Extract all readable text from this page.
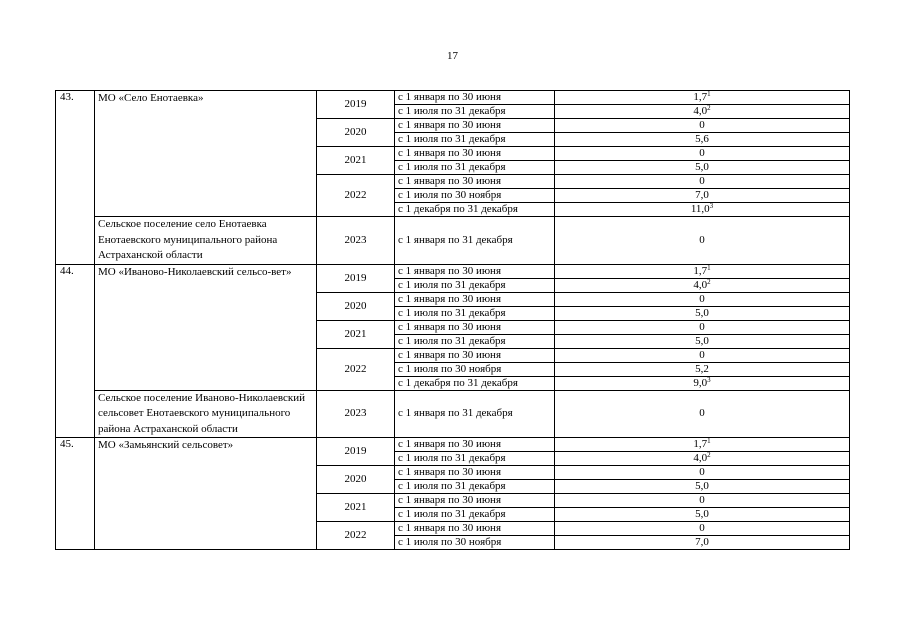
17
43.	МО «Село Енотаевка»	2019	с 1 января по 30 июня	$1,7^1$
			с 1 июля по 31 декабря	$4,0^2$
		2020	с 1 января по 30 июня	0
			с 1 июля по 31 декабря	5,6
		2021	с 1 января по 30 июня	0
			с 1 июля по 31 декабря	5,0
		2022	с 1 января по 30 июня	0
			с 1 июля по 30 ноября	7,0
			с 1 декабря по 31 декабря	11,0$^3$
	Сельское поселение село Енотаевка Енотаевского муниципального района Астраханской области	2023	с 1 января по 31 декабря	0
44.	МО «Ивановo-Николаевский сельсо-вет»	2019	с 1 января по 30 июня	$1,7^1$
			с 1 июля по 31 декабря	$4,0^2$
		2020	с 1 января по 30 июня	0
			с 1 июля по 31 декабря	5,0
		2021	с 1 января по 30 июня	0
			с 1 июля по 31 декабря	5,0
		2022	с 1 января по 30 июня	0
			с 1 июля по 30 ноября	5,2
			с 1 декабря по 31 декабря	$9,0^3$
	Сельское поселение Иваново-Николаевский сельсовет Енотаевского муниципального района Астраханской области	2023	с 1 января по 31 декабря	0
45.	МО «Замьянский сельсовет»	2019	с 1 января по 30 июня	$1,7^1$
			с 1 июля по 31 декабря	$4,0^2$
		2020	с 1 января по 30 июня	0
			с 1 июля по 31 декабря	5,0
		2021	с 1 января по 30 июня	0
			с 1 июля по 31 декабря	5,0
		2022	с 1 января по 30 июня	0
			с 1 июля по 30 ноября	7,0
